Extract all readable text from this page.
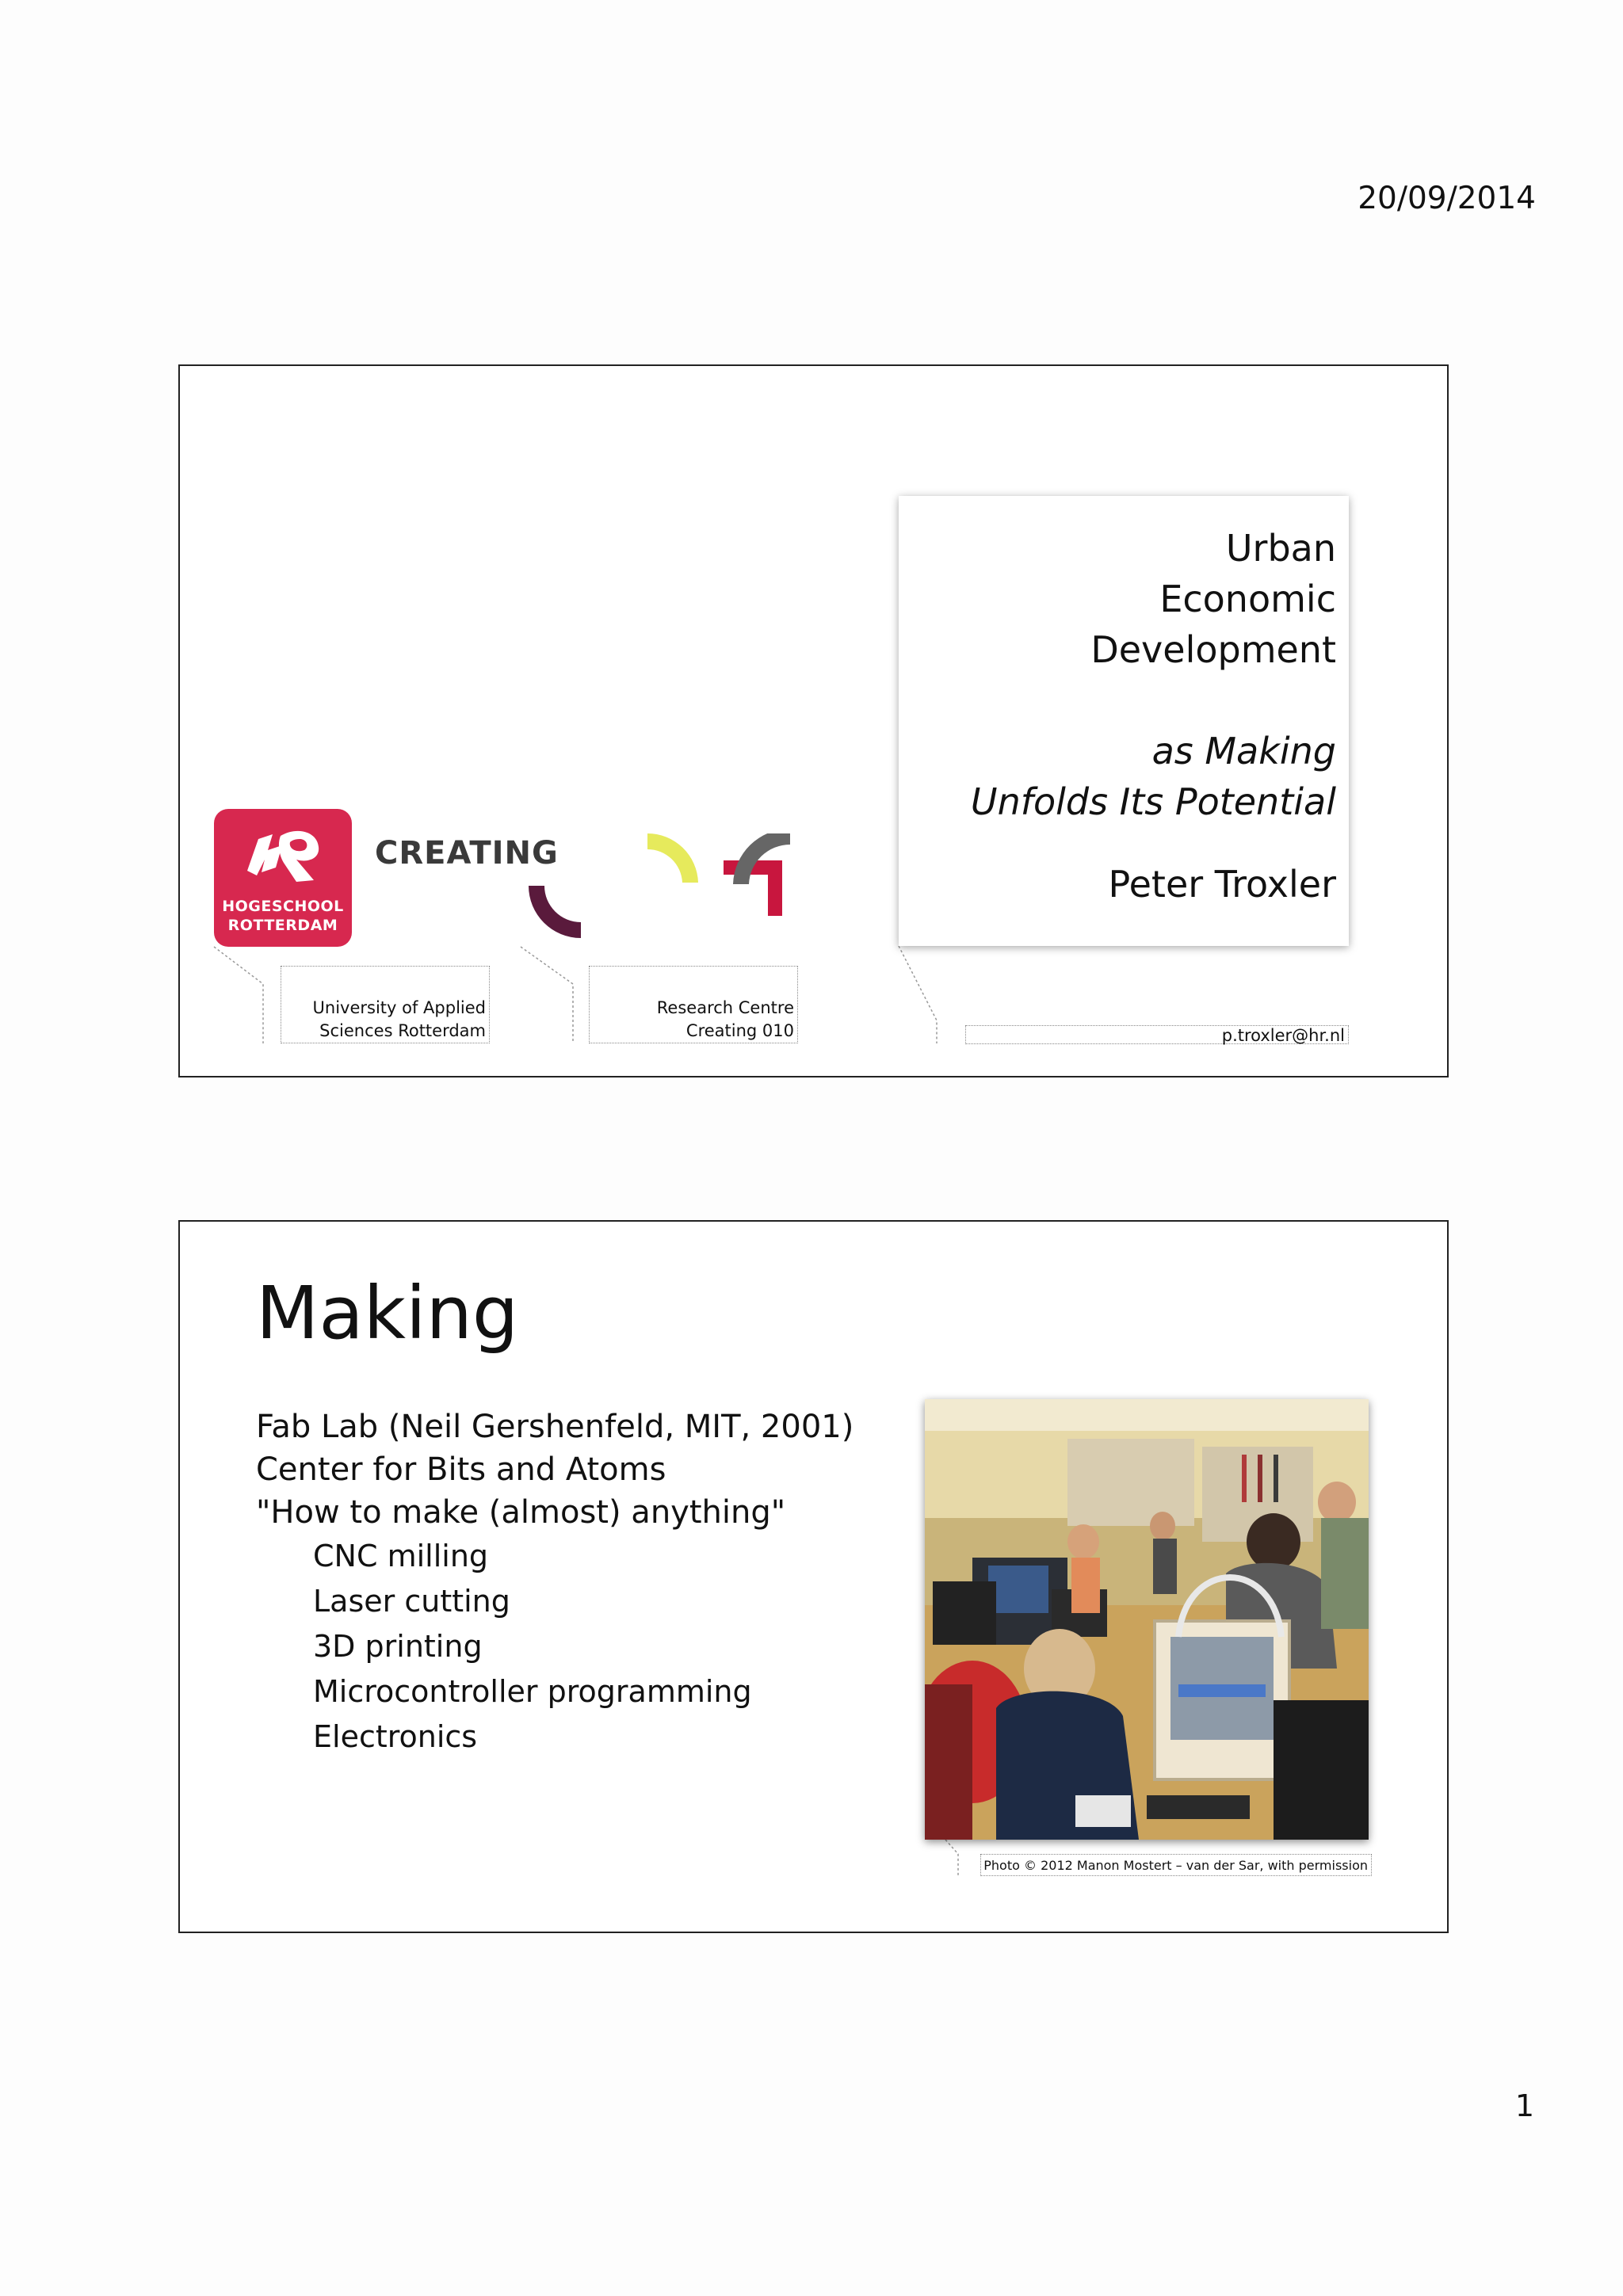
20/09/2014
Urban
Economic
Development
as Making
Unfolds Its Potential
Peter Troxler
HOGESCHOOL
ROTTERDAM
CREATING
University of Applied
Sciences Rotterdam
Research Centre
Creating 010	p.troxler@hr.nl
Making
Fab Lab (Neil Gershenfeld, MIT, 2001)
Center for Bits and Atoms
"How to make (almost) anything"
CNC milling
Laser cutting
3D printing
Microcontroller programming
Electronics
Photo © 2012 Manon Mostert – van der Sar, with permission
1
